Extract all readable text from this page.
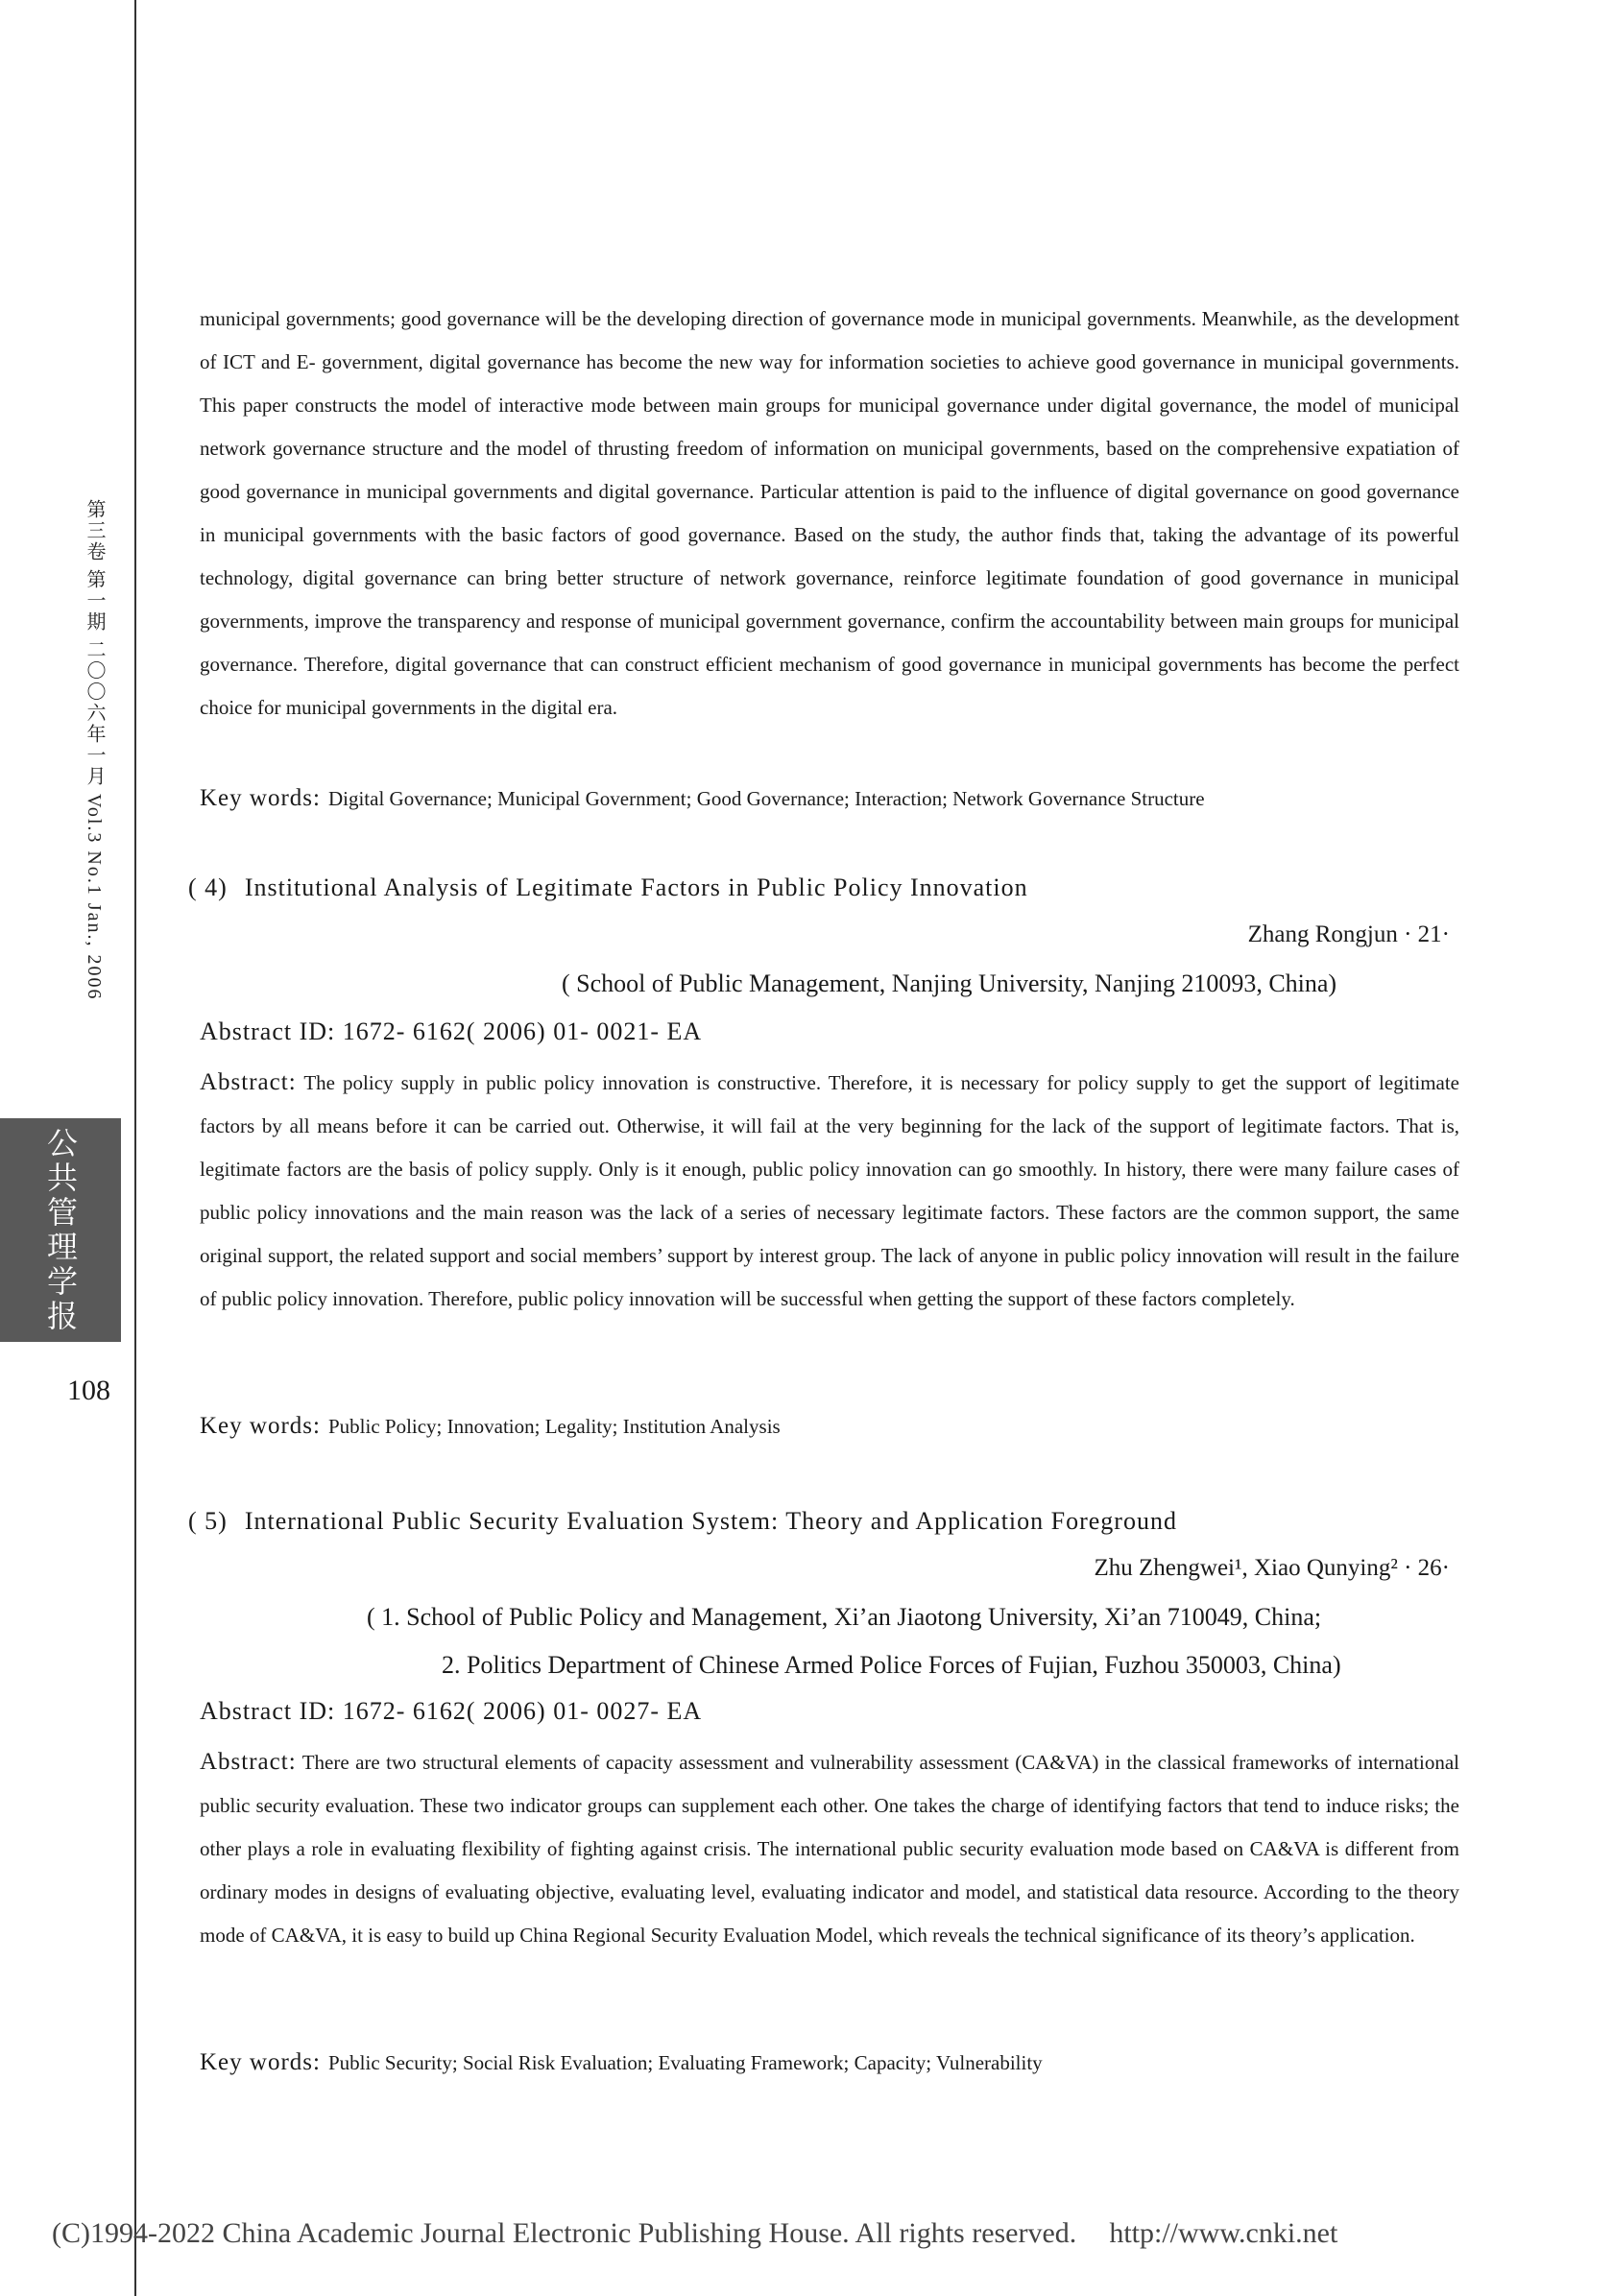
第三卷 第一期 二〇〇六年一月 Vol.3 No.1 Jan., 2006
公共管理学报
108
municipal governments; good governance will be the developing direction of governance mode in municipal governments. Meanwhile, as the development of ICT and E- government, digital governance has become the new way for information societies to achieve good governance in municipal governments. This paper constructs the model of interactive mode between main groups for municipal governance under digital governance, the model of municipal network governance structure and the model of thrusting freedom of information on municipal governments, based on the comprehensive expatiation of good governance in municipal governments and digital governance. Particular attention is paid to the influence of digital governance on good governance in municipal governments with the basic factors of good governance. Based on the study, the author finds that, taking the advantage of its powerful technology, digital governance can bring better structure of network governance, reinforce legitimate foundation of good governance in municipal governments, improve the transparency and response of municipal government governance, confirm the accountability between main groups for municipal governance. Therefore, digital governance that can construct efficient mechanism of good governance in municipal governments has become the perfect choice for municipal governments in the digital era.
Key words: Digital Governance; Municipal Government; Good Governance; Interaction; Network Governance Structure
( 4) Institutional Analysis of Legitimate Factors in Public Policy Innovation
Zhang Rongjun · 21·
( School of Public Management, Nanjing University, Nanjing 210093, China)
Abstract ID: 1672- 6162( 2006) 01- 0021- EA
Abstract: The policy supply in public policy innovation is constructive. Therefore, it is necessary for policy supply to get the support of legitimate factors by all means before it can be carried out. Otherwise, it will fail at the very beginning for the lack of the support of legitimate factors. That is, legitimate factors are the basis of policy supply. Only is it enough, public policy innovation can go smoothly. In history, there were many failure cases of public policy innovations and the main reason was the lack of a series of necessary legitimate factors. These factors are the common support, the same original support, the related support and social members’ support by interest group. The lack of anyone in public policy innovation will result in the failure of public policy innovation. Therefore, public policy innovation will be successful when getting the support of these factors completely.
Key words: Public Policy; Innovation; Legality; Institution Analysis
( 5) International Public Security Evaluation System: Theory and Application Foreground
Zhu Zhengwei¹, Xiao Qunying² · 26·
( 1. School of Public Policy and Management, Xi’an Jiaotong University, Xi’an 710049, China;
2. Politics Department of Chinese Armed Police Forces of Fujian, Fuzhou 350003, China)
Abstract ID: 1672- 6162( 2006) 01- 0027- EA
Abstract: There are two structural elements of capacity assessment and vulnerability assessment (CA&VA) in the classical frameworks of international public security evaluation. These two indicator groups can supplement each other. One takes the charge of identifying factors that tend to induce risks; the other plays a role in evaluating flexibility of fighting against crisis. The international public security evaluation mode based on CA&VA is different from ordinary modes in designs of evaluating objective, evaluating level, evaluating indicator and model, and statistical data resource. According to the theory mode of CA&VA, it is easy to build up China Regional Security Evaluation Model, which reveals the technical significance of its theory’s application.
Key words: Public Security; Social Risk Evaluation; Evaluating Framework; Capacity; Vulnerability
(C)1994-2022 China Academic Journal Electronic Publishing House. All rights reserved. http://www.cnki.net
